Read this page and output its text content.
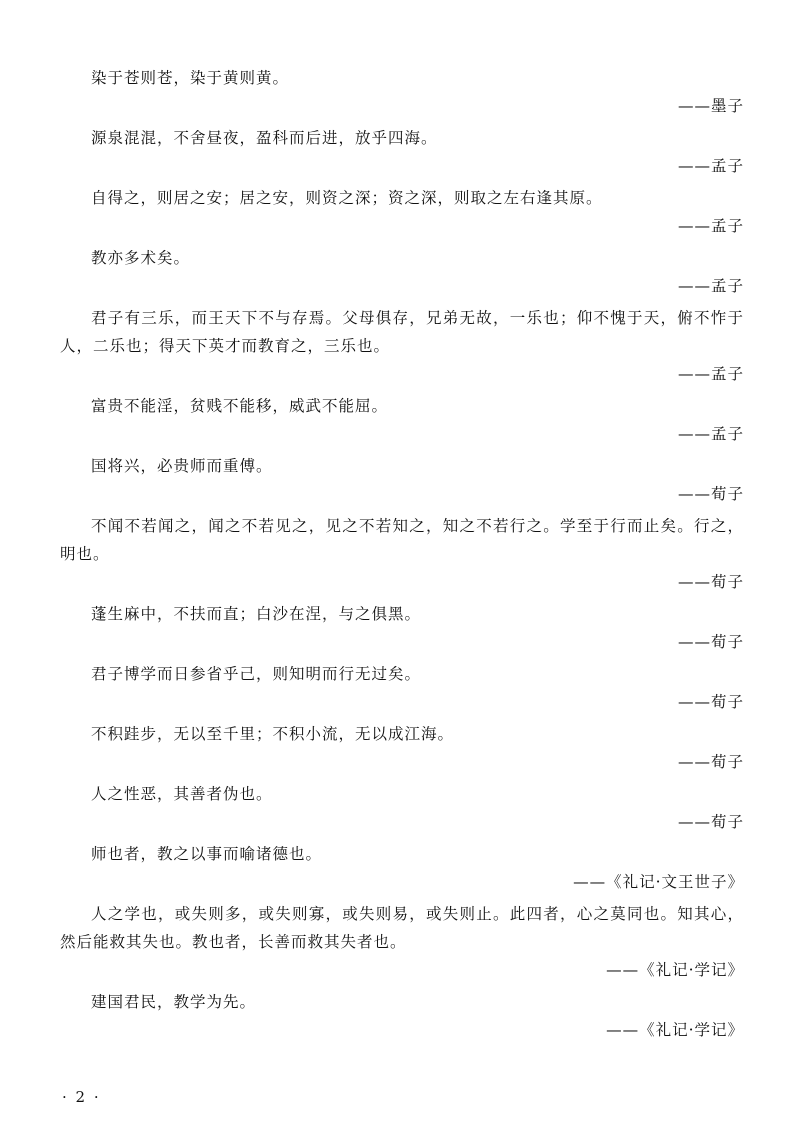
染于苍则苍，染于黄则黄。

——墨子

源泉混混，不舍昼夜，盈科而后进，放乎四海。

——孟子

自得之，则居之安；居之安，则资之深；资之深，则取之左右逢其原。

——孟子

教亦多术矣。

——孟子

君子有三乐，而王天下不与存焉。父母俱存，兄弟无故，一乐也；仰不愧于天，俯不怍于人，二乐也；得天下英才而教育之，三乐也。

——孟子

富贵不能淫，贫贱不能移，威武不能屈。

——孟子

国将兴，必贵师而重傅。

——荀子

不闻不若闻之，闻之不若见之，见之不若知之，知之不若行之。学至于行而止矣。行之，明也。

——荀子

蓬生麻中，不扶而直；白沙在涅，与之俱黑。

——荀子

君子博学而日参省乎己，则知明而行无过矣。

——荀子

不积跬步，无以至千里；不积小流，无以成江海。

——荀子

人之性恶，其善者伪也。

——荀子

师也者，教之以事而喻诸德也。

——《礼记·文王世子》

人之学也，或失则多，或失则寡，或失则易，或失则止。此四者，心之莫同也。知其心，然后能救其失也。教也者，长善而救其失者也。

——《礼记·学记》

建国君民，教学为先。

——《礼记·学记》

· 2 ·
